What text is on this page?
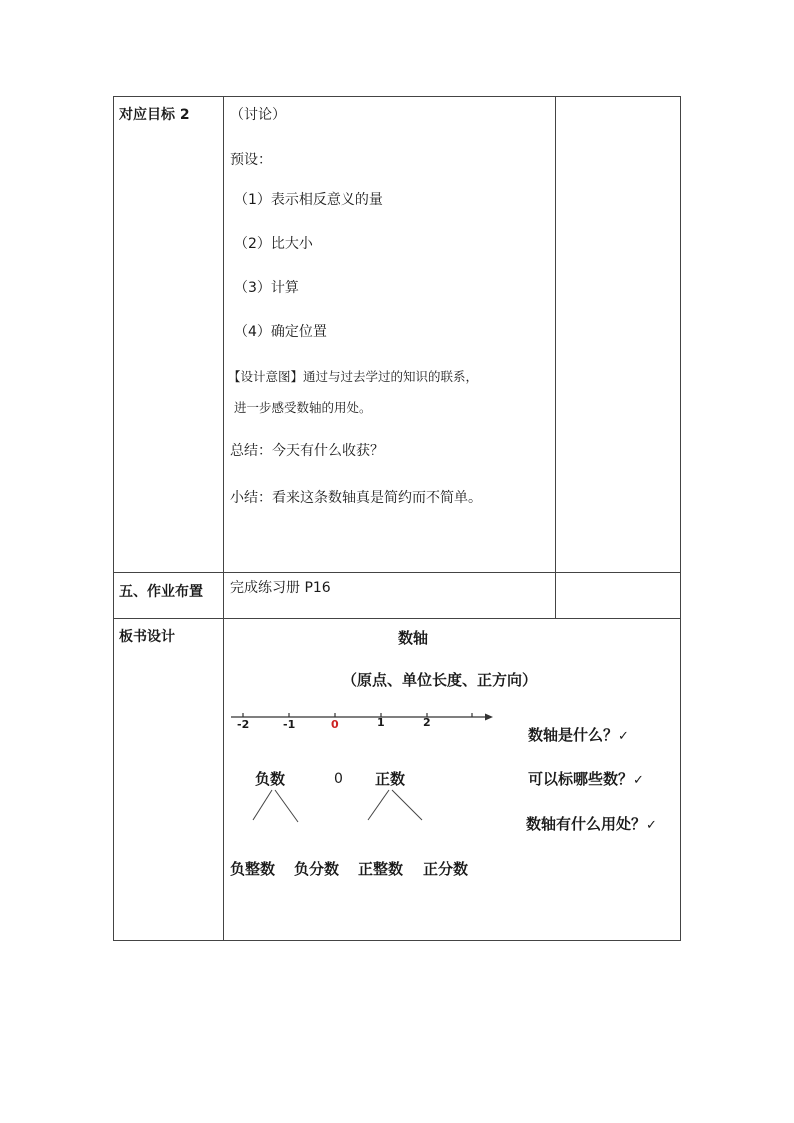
对应目标 2	（讨论）
预设：
（1）表示相反意义的量
（2）比大小
（3）计算
（4）确定位置
【设计意图】通过与过去学过的知识的联系，
进一步感受数轴的用处。
总结：今天有什么收获？
小结：看来这条数轴真是简约而不简单。
五、作业布置 完成练习册 P16
板书设计	数轴
（原点、单位长度、正方向）
-2	-1	0	1	2
负数	0 正数
负整数 负分数 正整数 正分数
数轴是什么？✓
可以标哪些数？✓
数轴有什么用处？✓
